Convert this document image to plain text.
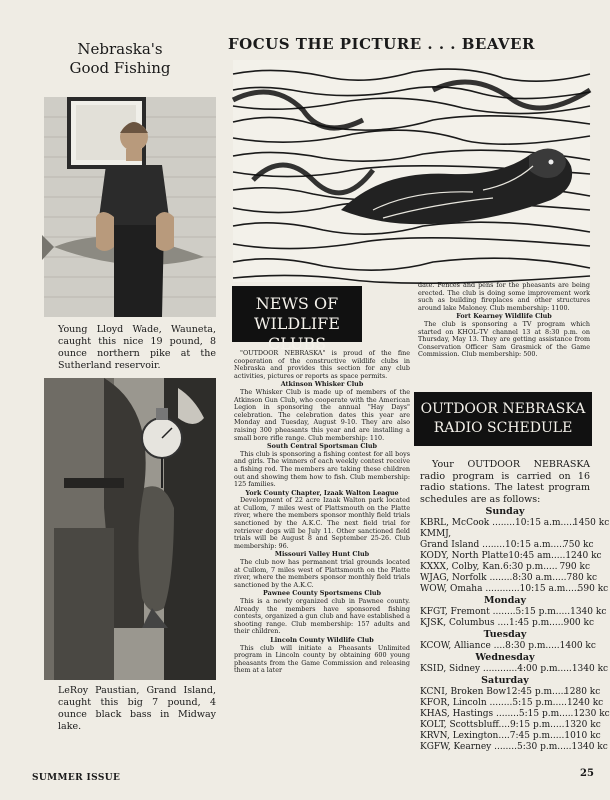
Nebraska's
Good Fishing
FOCUS THE PICTURE . . . BEAVER
Young Lloyd Wade, Wauneta, caught this nice 19 pound, 8 ounce northern pike at the Sutherland reservoir.
LeRoy Paustian, Grand Island, caught this big 7 pound, 4 ounce black bass in Midway lake.
NEWS OF
WILDLIFE CLUBS

"OUTDOOR NEBRASKA" is proud of the fine cooperation of the constructive wildlife clubs in Nebraska and provides this section for any club activities, pictures or reports as space permits.

Atkinson Whisker Club

The Whisker Club is made up of members of the Atkinson Gun Club, who cooperate with the American Legion in sponsoring the annual "Hay Days" celebration. The celebration dates this year are Monday and Tuesday, August 9-10. They are also raising 300 pheasants this year and are installing a small bore rifle range. Club membership: 110.

South Central Sportsman Club

This club is sponsoring a fishing contest for all boys and girls. The winners of each weekly contest receive a fishing rod. The members are taking these children out and showing them how to fish. Club membership: 125 families.

York County Chapter, Izaak Walton League

Development of 22 acre Izaak Walton park located at Cullom, 7 miles west of Plattsmouth on the Platte river, where the members sponsor monthly field trials sanctioned by the A.K.C. The next field trial for retriever dogs will be July 11. Other sanctioned field trials will be August 8 and September 25-26. Club membership: 96.

Missouri Valley Hunt Club

The club now has permanent trial grounds located at Cullom, 7 miles west of Plattsmouth on the Platte river, where the members sponsor monthly field trials sanctioned by the A.K.C.

Pawnee County Sportsmens Club

This is a newly organized club in Pawnee county. Already the members have sponsored fishing contests, organized a gun club and have established a shooting range. Club membership: 157 adults and their children.

Lincoln County Wildlife Club

This club will initiate a Pheasants Unlimited program in Lincoln county by obtaining 600 young pheasants from the Game Commission and releasing them at a later

date. Fences and pens for the pheasants are being erected. The club is doing some improvement work such as building fireplaces and other structures around lake Maloney. Club membership: 1100.

Fort Kearney Wildlife Club

The club is sponsoring a TV program which started on KHOL-TV channel 13 at 8:30 p.m. on Thursday, May 13. They are getting assistance from Conservation Officer Sam Grasmick of the Game Commission. Club membership: 500.

OUTDOOR NEBRASKA
RADIO SCHEDULE
Your OUTDOOR NEBRASKA radio program is carried on 16 radio stations. The latest program schedules are as follows:
Sunday
KBRL, McCook ........ 10:15 a.m.....
1450 kc
KMMJ,
Grand Island ........ 10:15 a.m.....
750 kc
KODY, North Platte 10:45 am..... 1240 kc
KXXX, Colby, Kan. 6:30 p.m..... 790 kc
WJAG, Norfolk ........ 8:30 a.m..... 780 kc
WOW, Omaha ............ 10:15 a.m.....
590 kc
Monday
KFGT, Fremont ........ 5:15 p.m..... 1340 kc
KJSK, Columbus .... 1:45 p.m..... 900 kc
Tuesday
KCOW, Alliance .... 8:30 p.m..... 1400 kc
Wednesday
KSID, Sidney ............ 4:00 p.m..... 1340 kc
Saturday
KCNI, Broken Bow 12:45 p.m.....
1280 kc
KFOR, Lincoln ........ 5:15 p.m..... 1240 kc
KHAS, Hastings ........ 5:15 p.m..... 1230 kc
KOLT, Scottsbluff.... 9:15 p.m..... 1320 kc
KRVN, Lexington.... 7:45 p.m..... 1010 kc
KGFW, Kearney ........ 5:30 p.m..... 1340 kc
SUMMER ISSUE	25
